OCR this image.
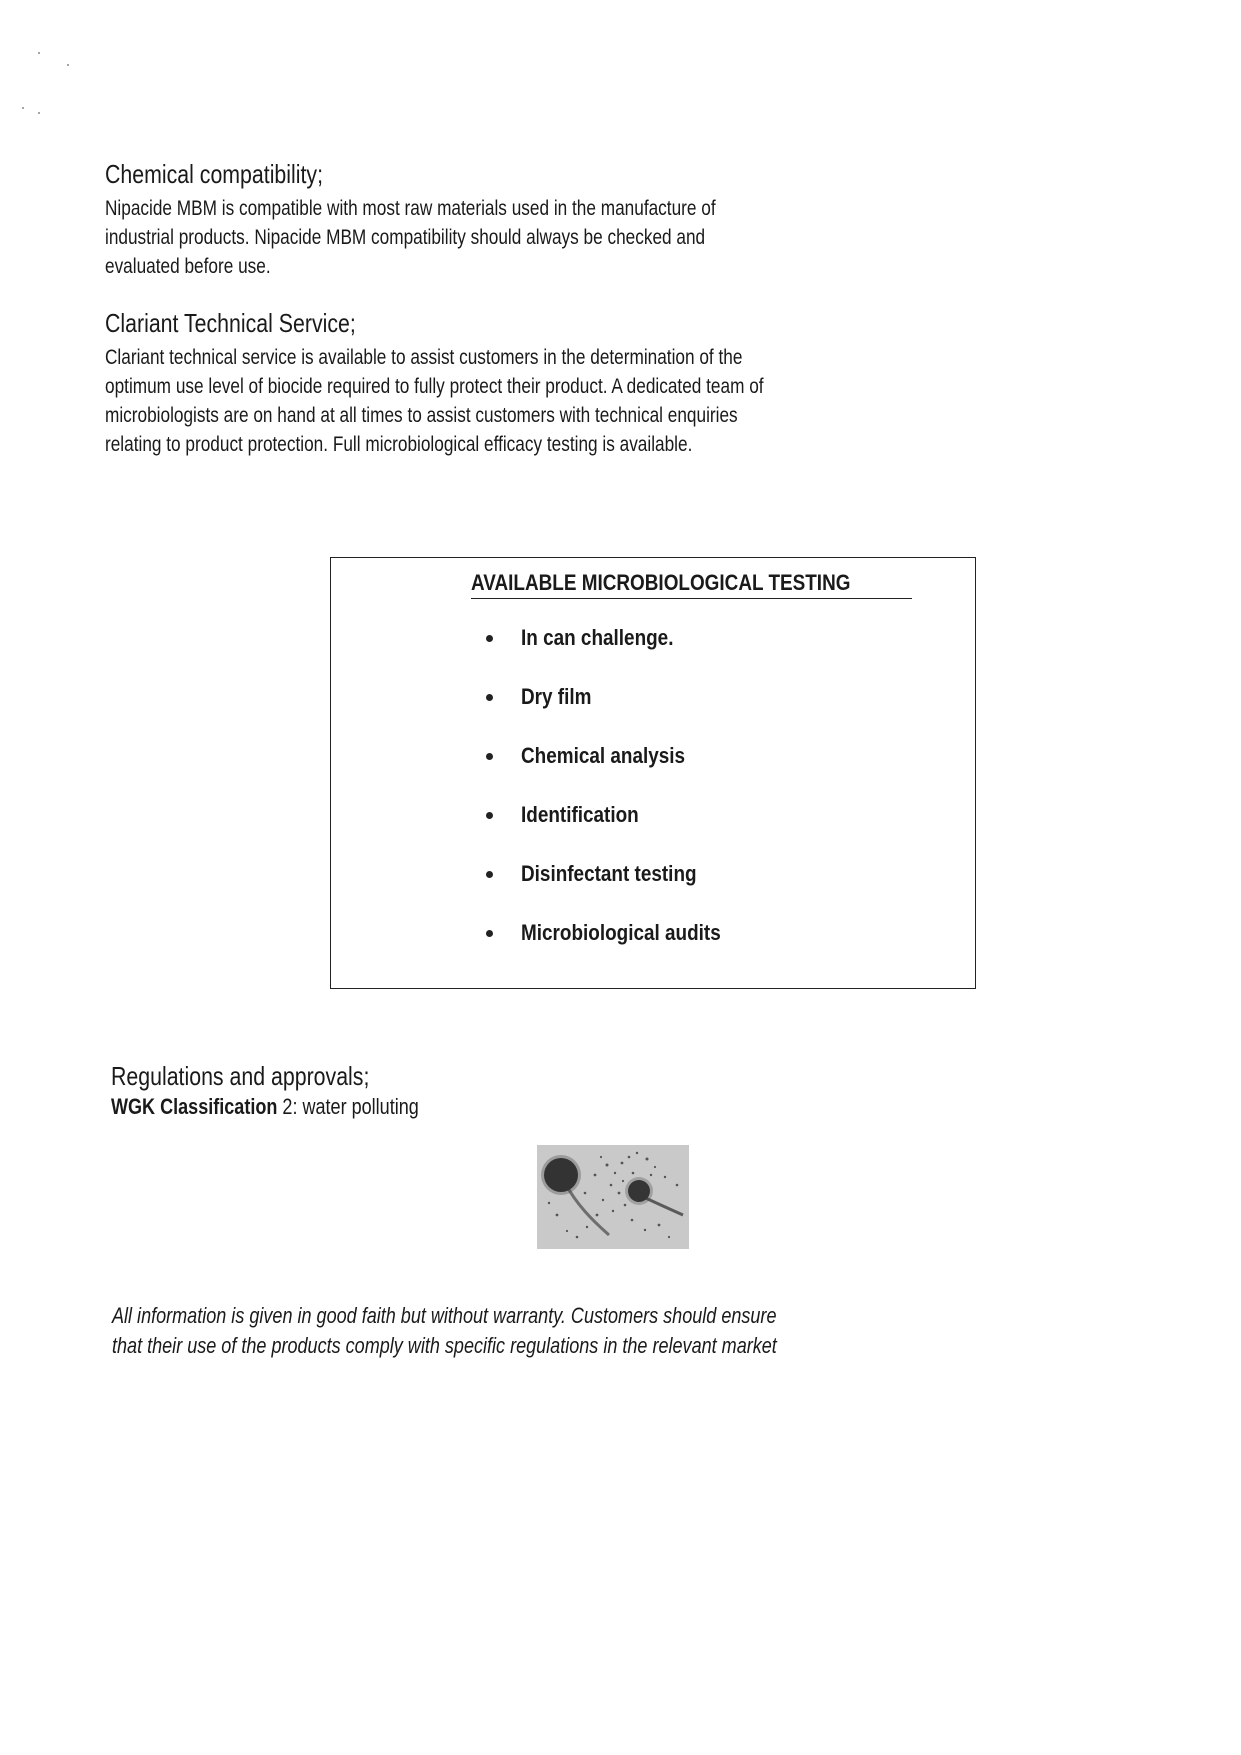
Chemical compatibility;

Nipacide MBM is compatible with most raw materials used in the manufacture of

industrial products. Nipacide MBM compatibility should always be checked and

evaluated before use.

Clariant Technical Service;

Clariant technical service is available to assist customers in the determination of the

optimum use level of biocide required to fully protect their product. A dedicated team of

microbiologists are on hand at all times to assist customers with technical enquiries

relating to product protection. Full microbiological efficacy testing is available.

AVAILABLE MICROBIOLOGICAL TESTING
In can challenge.
Dry film
Chemical analysis
Identification
Disinfectant testing
Microbiological audits
Regulations and approvals;

WGK Classification 2: water polluting

All information is given in good faith but without warranty. Customers should ensure
that their use of the products comply with specific regulations in the relevant market
